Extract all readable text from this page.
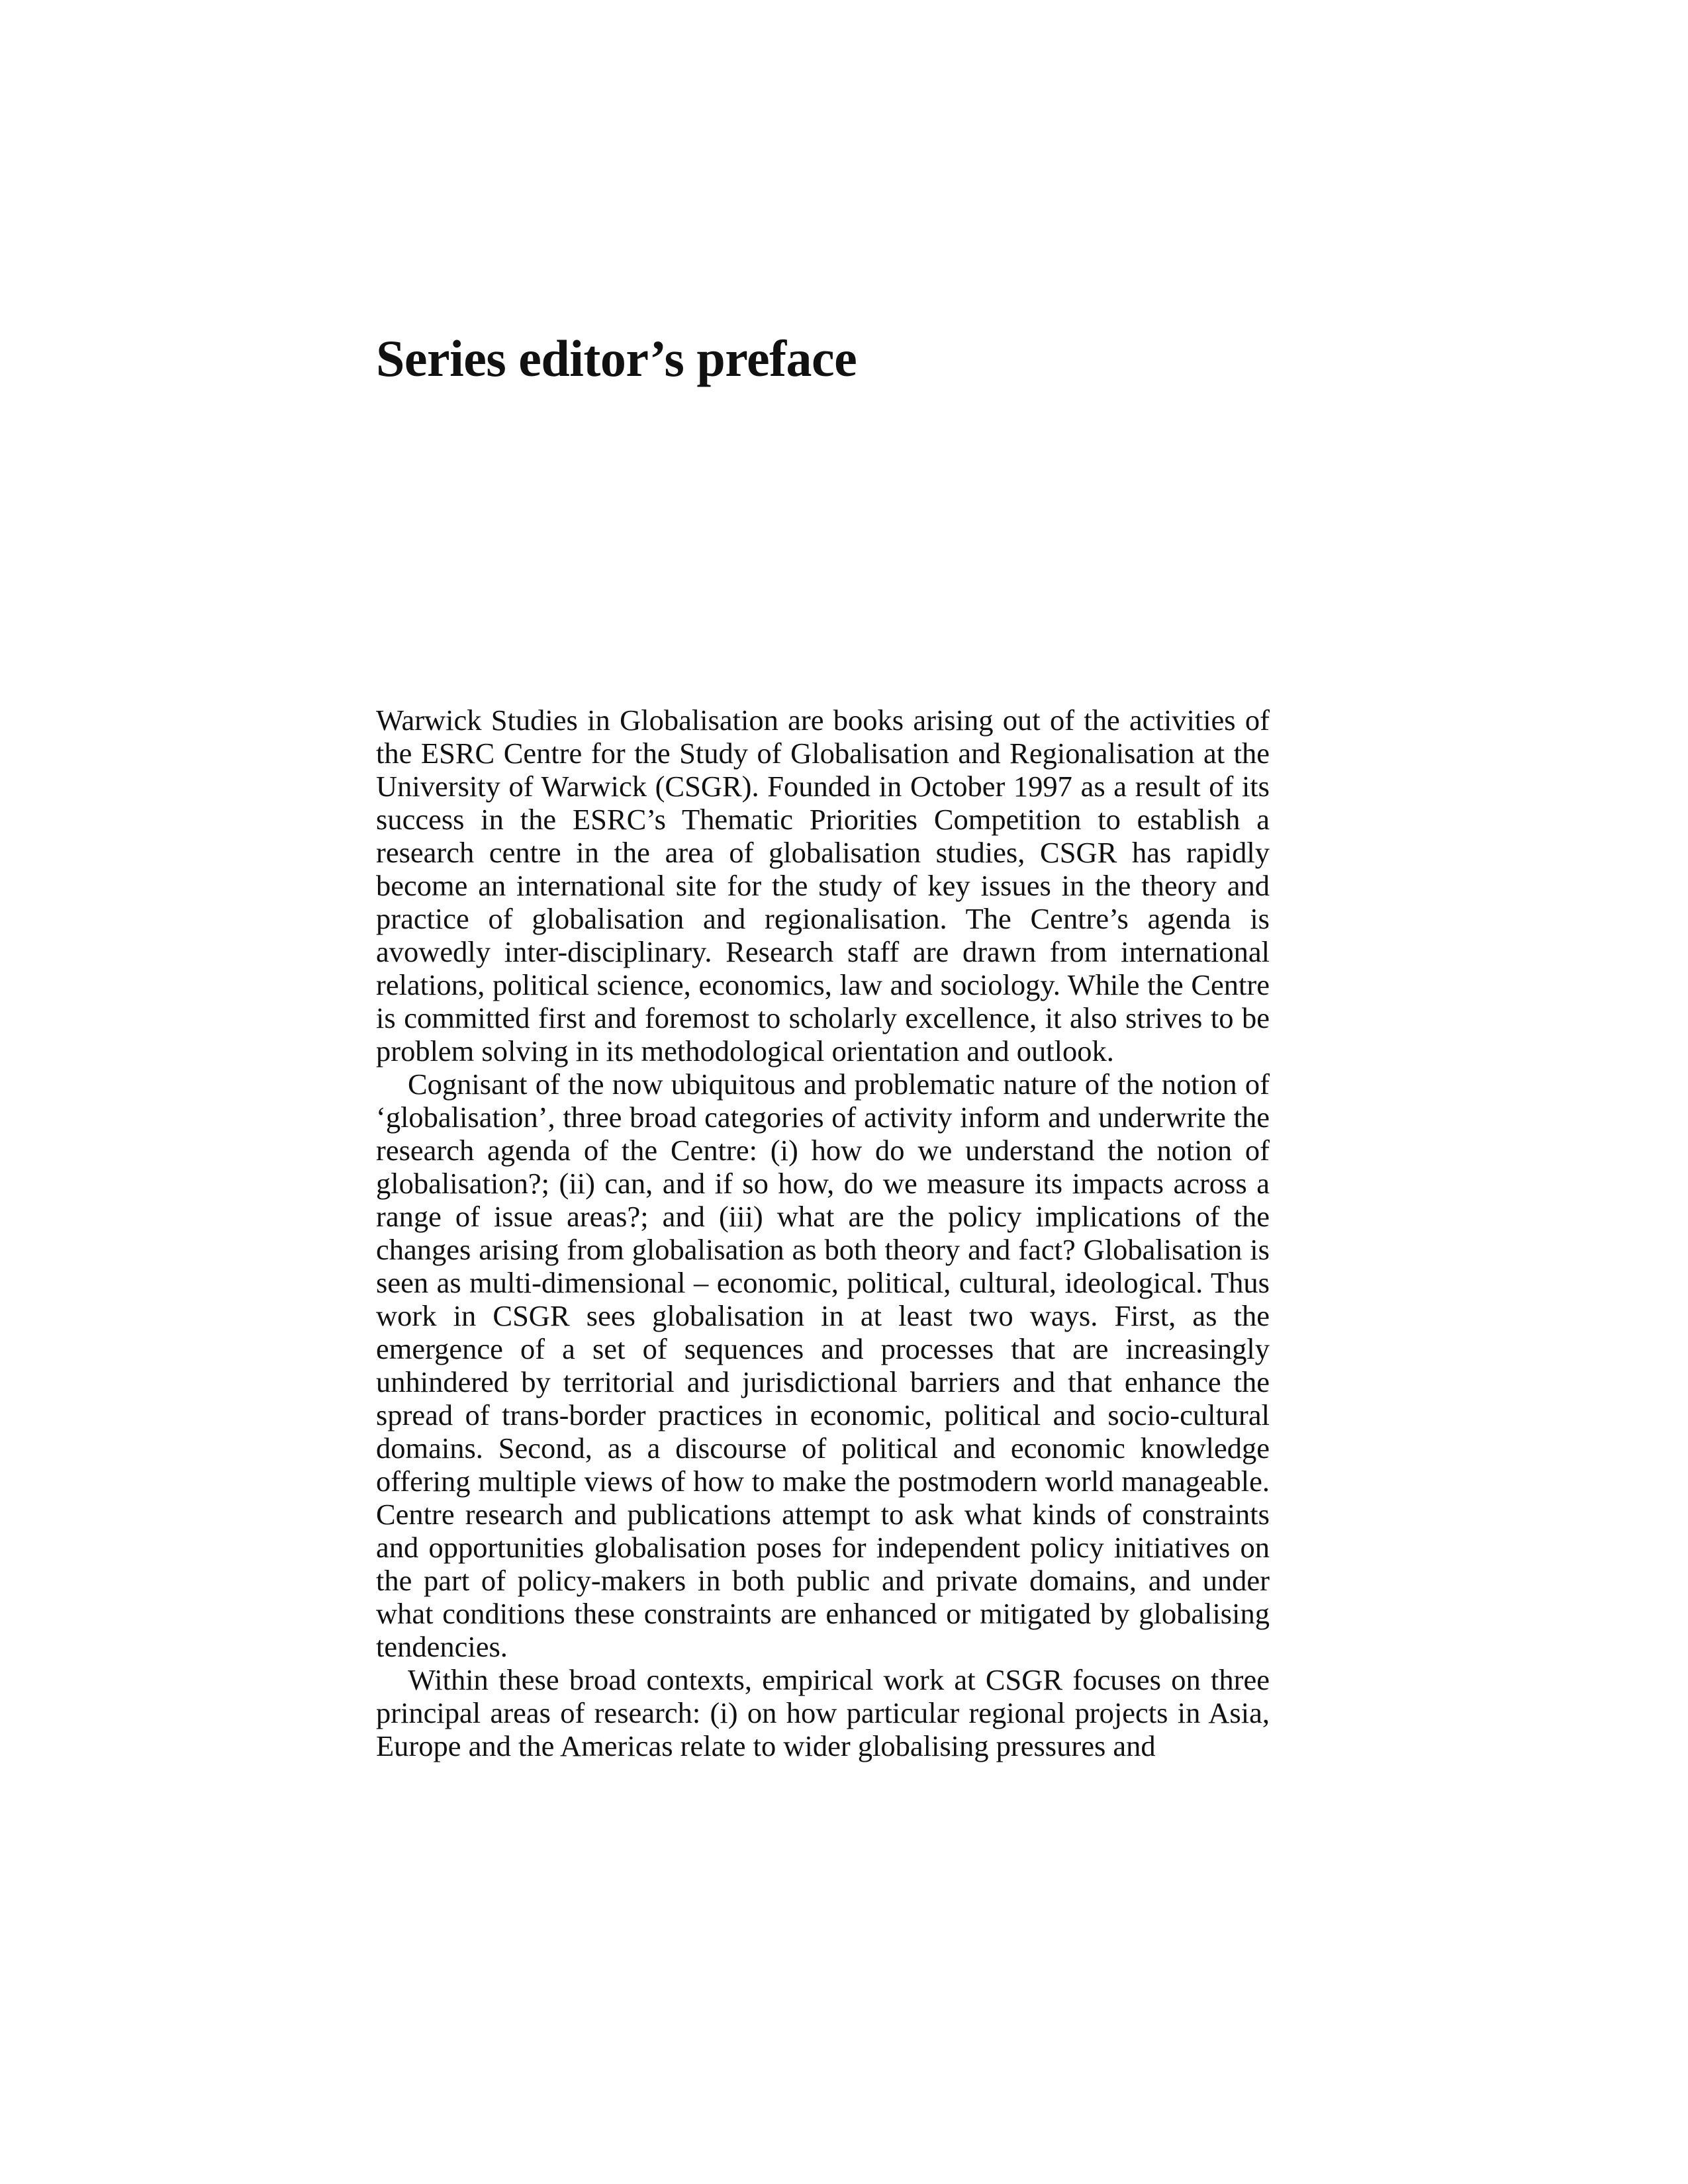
Series editor’s preface

Warwick Studies in Globalisation are books arising out of the activities of the ESRC Centre for the Study of Globalisation and Regionalisation at the University of Warwick (CSGR). Founded in October 1997 as a result of its success in the ESRC’s Thematic Priorities Competition to establish a research centre in the area of globalisation studies, CSGR has rapidly become an international site for the study of key issues in the theory and practice of globalisation and regionalisation. The Centre’s agenda is avowedly inter-disciplinary. Research staff are drawn from international relations, political science, economics, law and sociology. While the Centre is committed first and foremost to scholarly excellence, it also strives to be problem solving in its methodological orientation and outlook.

Cognisant of the now ubiquitous and problematic nature of the notion of ‘globalisation’, three broad categories of activity inform and underwrite the research agenda of the Centre: (i) how do we understand the notion of globalisation?; (ii) can, and if so how, do we measure its impacts across a range of issue areas?; and (iii) what are the policy implications of the changes arising from globalisation as both theory and fact? Globalisation is seen as multi-dimensional – economic, political, cultural, ideological. Thus work in CSGR sees globalisation in at least two ways. First, as the emergence of a set of sequences and processes that are increasingly unhindered by territorial and jurisdictional barriers and that enhance the spread of trans-border practices in economic, political and socio-cultural domains. Second, as a discourse of political and economic knowledge offering multiple views of how to make the postmodern world manageable. Centre research and publications attempt to ask what kinds of constraints and opportunities globalisation poses for independent policy initiatives on the part of policy-makers in both public and private domains, and under what conditions these constraints are enhanced or mitigated by globalising tendencies.

Within these broad contexts, empirical work at CSGR focuses on three principal areas of research: (i) on how particular regional projects in Asia, Europe and the Americas relate to wider globalising pressures and
